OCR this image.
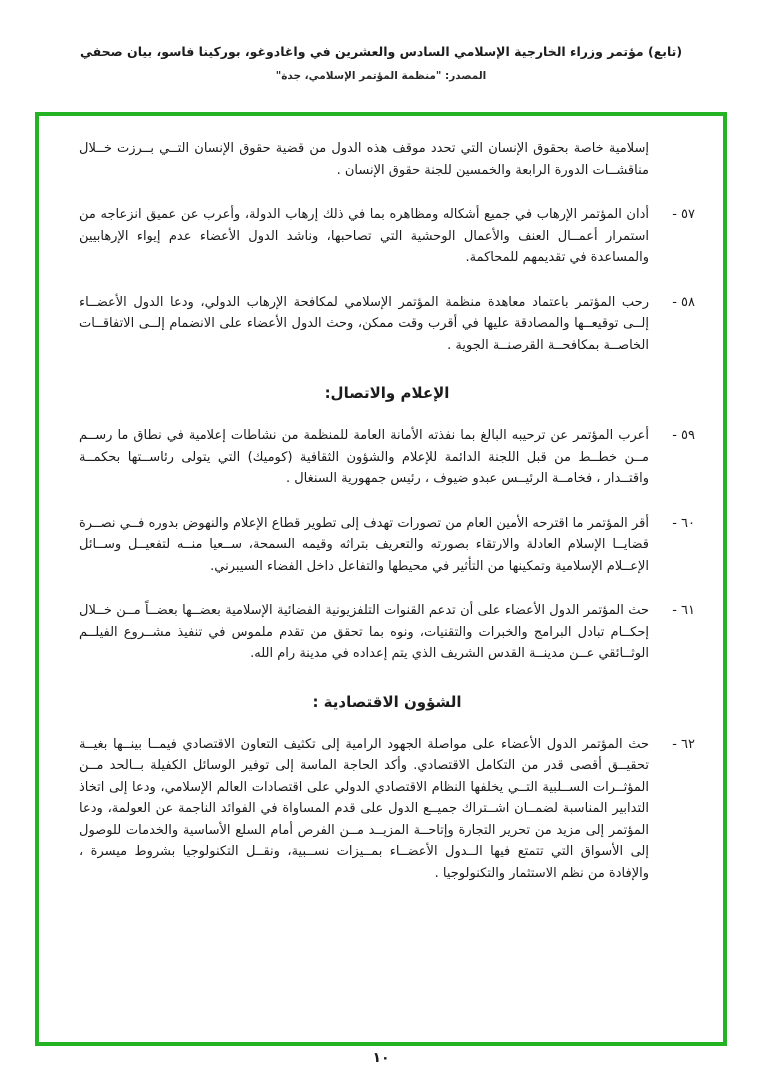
(تابع) مؤتمر وزراء الخارجية الإسلامي السادس والعشرين في واغادوغو، بوركينا فاسو، بيان صحفي
المصدر: "منظمة المؤتمر الإسلامي، جدة"

إسلامية خاصة بحقوق الإنسان التي تحدد موقف هذه الدول من قضية حقوق الإنسان التــي بــرزت خــلال مناقشــات الدورة الرابعة والخمسين للجنة حقوق الإنسان .

٥٧ -

أدان المؤتمر الإرهاب في جميع أشكاله ومظاهره بما في ذلك إرهاب الدولة، وأعرب عن عميق انزعاجه من استمرار أعمــال العنف والأعمال الوحشية التي تصاحبها، وناشد الدول الأعضاء عدم إيواء الإرهابيين والمساعدة في تقديمهم للمحاكمة.

٥٨ -

رحب المؤتمر باعتماد معاهدة منظمة المؤتمر الإسلامي لمكافحة الإرهاب الدولي، ودعا الدول الأعضــاء إلــى توقيعــها والمصادقة عليها في أقرب وقت ممكن، وحث الدول الأعضاء على الانضمام إلــى الاتفاقــات الخاصــة بمكافحــة القرصنــة الجوية .

الإعلام والاتصال:
٥٩ -

أعرب المؤتمر عن ترحيبه البالغ بما نفذته الأمانة العامة للمنظمة من نشاطات إعلامية في نطاق ما رســم مــن خطــط من قبل اللجنة الدائمة للإعلام والشؤون الثقافية (كوميك) التي يتولى رئاســتها بحكمــة واقتــدار ، فخامــة الرئيــس عبدو ضيوف ، رئيس جمهورية السنغال .

٦٠ -

أقر المؤتمر ما اقترحه الأمين العام من تصورات تهدف إلى تطوير قطاع الإعلام والنهوض بدوره فــي نصــرة قضايــا الإسلام العادلة والارتقاء بصورته والتعريف بتراثه وقيمه السمحة، ســعيا منــه لتفعيــل وســائل الإعــلام الإسلامية وتمكينها من التأثير في محيطها والتفاعل داخل الفضاء السيبرني.

٦١ -

حث المؤتمر الدول الأعضاء على أن تدعم القنوات التلفزيونية الفضائية الإسلامية بعضــها بعضــاً مــن خــلال إحكــام تبادل البرامج والخبرات والتقنيات، ونوه بما تحقق من تقدم ملموس في تنفيذ مشــروع الفيلــم الوثــائقي عــن مدينــة القدس الشريف الذي يتم إعداده في مدينة رام الله.

الشؤون الاقتصادية :
٦٢ -

حث المؤتمر الدول الأعضاء على مواصلة الجهود الرامية إلى تكثيف التعاون الاقتصادي فيمــا بينــها بغيــة تحقيــق أقصى قدر من التكامل الاقتصادي. وأكد الحاجة الماسة إلى توفير الوسائل الكفيلة بــالحد مــن المؤثــرات الســلبية التــي يخلفها النظام الاقتصادي الدولي على اقتصادات العالم الإسلامي، ودعا إلى اتخاذ التدابير المناسبة لضمــان اشــتراك جميــع الدول على قدم المساواة في الفوائد الناجمة عن العولمة، ودعا المؤتمر إلى مزيد من تحرير التجارة وإتاحــة المزيــد مــن الفرص أمام السلع الأساسية والخدمات للوصول إلى الأسواق التي تتمتع فيها الــدول الأعضــاء بمــيزات نســبية، ونقــل التكنولوجيا بشروط ميسرة ، والإفادة من نظم الاستثمار والتكنولوجيا .

١٠
